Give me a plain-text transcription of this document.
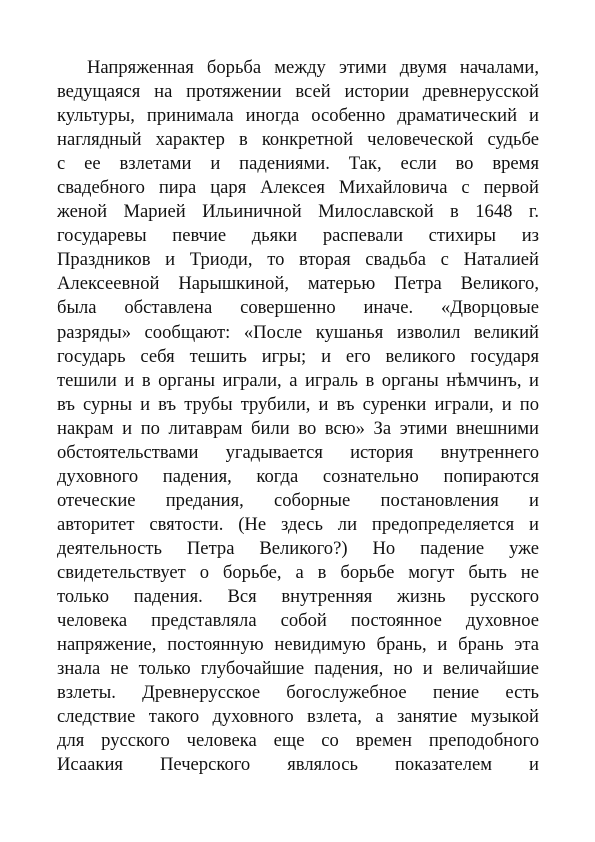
Напряженная борьба между этими двумя началами,
ведущаяся на протяжении всей истории древнерусской
культуры, принимала иногда особенно драматический и
наглядный характер в конкретной человеческой судьбе
с ее взлетами и падениями. Так, если во время
свадебного пира царя Алексея Михайловича с первой
женой Марией Ильиничной Милославской в 1648 г.
государевы певчие дьяки распевали стихиры из
Праздников и Триоди, то вторая свадьба с Наталией
Алексеевной Нарышкиной, матерью Петра Великого,
была обставлена совершенно иначе. «Дворцовые
разряды» сообщают: «После кушанья изволил великий
государь себя тешить игры; и его великого государя
тешили и в органы играли, а играль в органы нѣмчинъ, и
въ сурны и въ трубы трубили, и въ суренки играли, и по
накрам и по литаврам били во всю» За этими внешними
обстоятельствами угадывается история внутреннего
духовного падения, когда сознательно попираются
отеческие предания, соборные постановления и
авторитет святости. (Не здесь ли предопределяется и
деятельность Петра Великого?) Но падение уже
свидетельствует о борьбе, а в борьбе могут быть не
только падения. Вся внутренняя жизнь русского
человека представляла собой постоянное духовное
напряжение, постоянную невидимую брань, и брань эта
знала не только глубочайшие падения, но и величайшие
взлеты. Древнерусское богослужебное пение есть
следствие такого духовного взлета, а занятие музыкой
для русского человека еще со времен преподобного
Исаакия Печерского являлось показателем и
